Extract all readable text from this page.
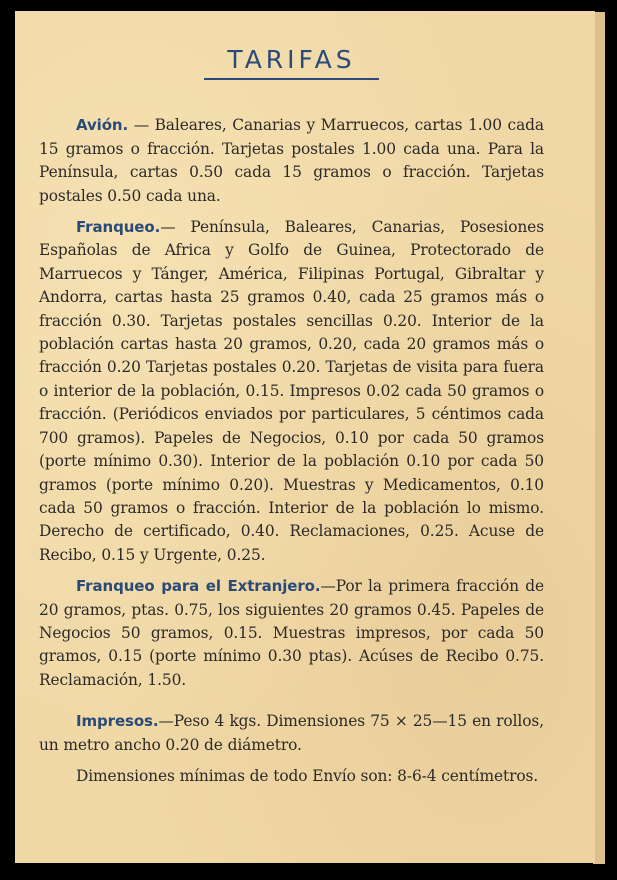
TARIFAS

Avión. — Baleares, Canarias y Marruecos, cartas 1.00 cada 15 gramos o fracción. Tarjetas postales 1.00 cada una. Para la Península, cartas 0.50 cada 15 gramos o fracción. Tarjetas postales 0.50 cada una.

Franqueo.— Península, Baleares, Canarias, Posesiones Españolas de Africa y Golfo de Guinea, Protectorado de Marruecos y Tánger, América, Filipinas Portugal, Gibraltar y Andorra, cartas hasta 25 gramos 0.40, cada 25 gramos más o fracción 0.30. Tarjetas postales sencillas 0.20. Interior de la población cartas hasta 20 gramos, 0.20, cada 20 gramos más o fracción 0.20 Tarjetas postales 0.20. Tarjetas de visita para fuera o interior de la población, 0.15. Impresos 0.02 cada 50 gramos o fracción. (Periódicos enviados por particulares, 5 céntimos cada 700 gramos). Papeles de Negocios, 0.10 por cada 50 gramos (porte mínimo 0.30). Interior de la población 0.10 por cada 50 gramos (porte mínimo 0.20). Muestras y Medicamentos, 0.10 cada 50 gramos o fracción. Interior de la población lo mismo. Derecho de certificado, 0.40. Reclamaciones, 0.25. Acuse de Recibo, 0.15 y Urgente, 0.25.

Franqueo para el Extranjero.—Por la primera fracción de 20 gramos, ptas. 0.75, los siguientes 20 gramos 0.45. Papeles de Negocios 50 gramos, 0.15. Muestras impresos, por cada 50 gramos, 0.15 (porte mínimo 0.30 ptas). Acúses de Recibo 0.75. Reclamación, 1.50.

Impresos.—Peso 4 kgs. Dimensiones 75 × 25—15 en rollos, un metro ancho 0.20 de diámetro.

Dimensiones mínimas de todo Envío son: 8-6-4 centímetros.
